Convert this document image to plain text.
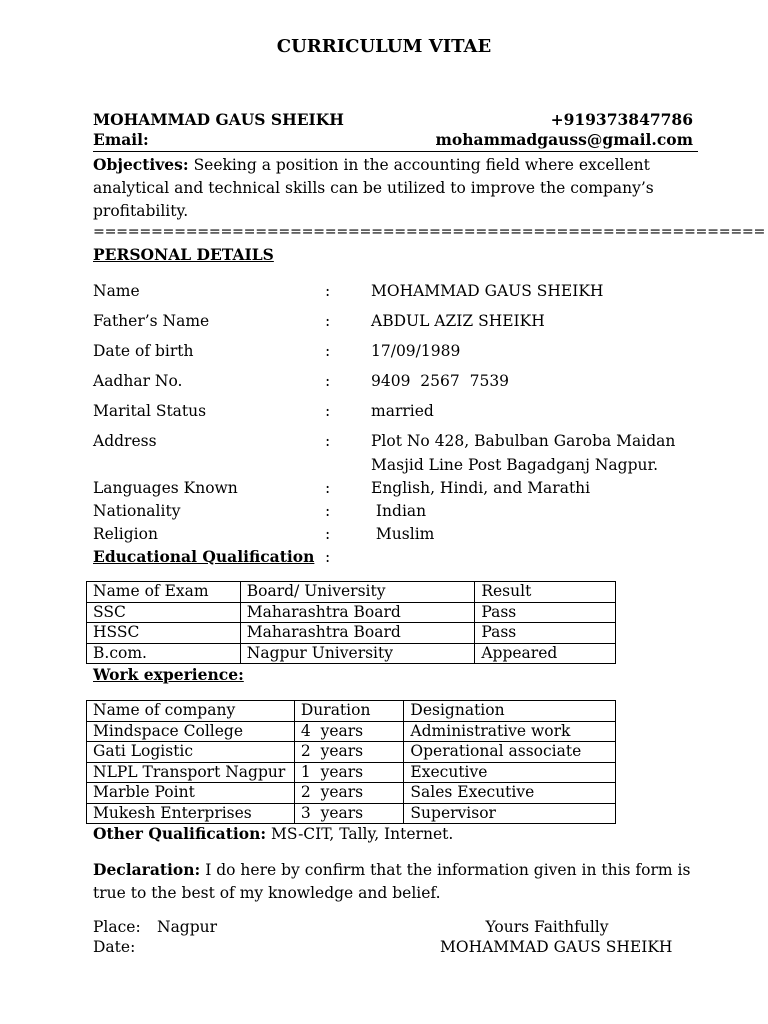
CURRICULUM VITAE
MOHAMMAD GAUS SHEIKH	+919373847786
Email:	mohammadgauss@gmail.com
Objectives: Seeking a position in the accounting field where excellent analytical and technical skills can be utilized to improve the company’s profitability.
==========================================================
PERSONAL DETAILS
Name	:	MOHAMMAD GAUS SHEIKH
Father’s Name	:	ABDUL AZIZ SHEIKH
Date of birth	:	17/09/1989
Aadhar No.	:	9409  2567  7539
Marital Status	:	married
Address	:	Plot No 428, Babulban Garoba Maidan
Masjid Line Post Bagadganj Nagpur.
Languages Known	:	English, Hindi, and Marathi
Nationality	:	Indian
Religion	:	Muslim
Educational Qualification :
Name of Exam	Board/ University	Result
SSC	Maharashtra Board	Pass
HSSC	Maharashtra Board	Pass
B.com.	Nagpur University	Appeared
Work experience:
Name of company	Duration	Designation
Mindspace College	4  years	Administrative work
Gati Logistic	2  years	Operational associate
NLPL Transport Nagpur	1  years	Executive
Marble Point	2  years	Sales Executive
Mukesh Enterprises	3  years	Supervisor
Other Qualification: MS-CIT, Tally, Internet.
Declaration: I do here by confirm that the information given in this form is true to the best of my knowledge and belief.
Place: Nagpur
Date:
Yours Faithfully
MOHAMMAD GAUS SHEIKH
